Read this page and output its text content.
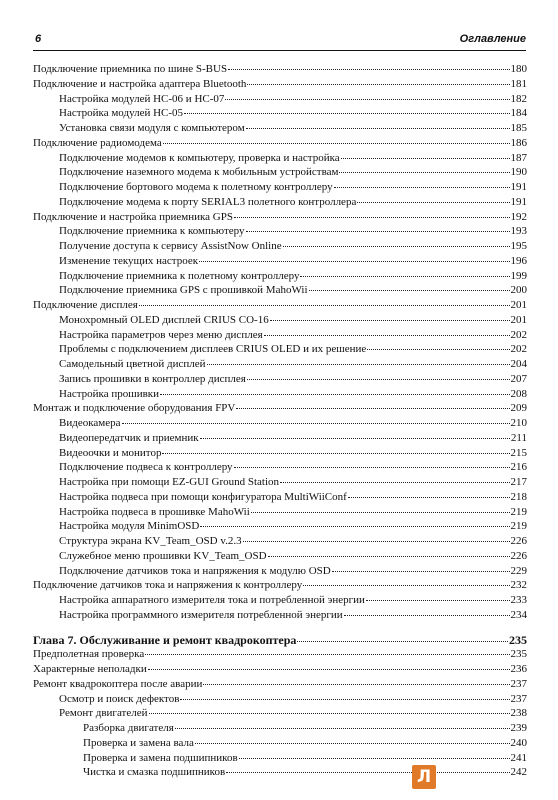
6	Оглавление
Подключение приемника по шине S-BUS	180
Подключение и настройка адаптера Bluetooth	181
Настройка модулей HC-06 и HC-07	182
Настройка модулей HC-05	184
Установка связи модуля с компьютером	185
Подключение радиомодема	186
Подключение модемов к компьютеру, проверка и настройка	187
Подключение наземного модема к мобильным устройствам	190
Подключение бортового модема к полетному контроллеру	191
Подключение модема к порту SERIAL3 полетного контроллера	191
Подключение и настройка приемника GPS	192
Подключение приемника к компьютеру	193
Получение доступа к сервису AssistNow Online	195
Изменение текущих настроек	196
Подключение приемника к полетному контроллеру	199
Подключение приемника GPS с прошивкой MahoWii	200
Подключение дисплея	201
Монохромный OLED дисплей CRIUS CO-16	201
Настройка параметров через меню дисплея	202
Проблемы с подключением дисплеев CRIUS OLED и их решение	202
Самодельный цветной дисплей	204
Запись прошивки в контроллер дисплея	207
Настройка прошивки	208
Монтаж и подключение оборудования FPV	209
Видеокамера	210
Видеопередатчик и приемник	211
Видеоочки и монитор	215
Подключение подвеса к контроллеру	216
Настройка при помощи EZ-GUI Ground Station	217
Настройка подвеса при помощи конфигуратора MultiWiiConf	218
Настройка подвеса в прошивке MahoWii	219
Настройка модуля MinimOSD	219
Структура экрана KV_Team_OSD v.2.3	226
Служебное меню прошивки KV_Team_OSD	226
Подключение датчиков тока и напряжения к модулю OSD	229
Подключение датчиков тока и напряжения к контроллеру	232
Настройка аппаратного измерителя тока и потребленной энергии	233
Настройка программного измерителя потребленной энергии	234
Глава 7. Обслуживание и ремонт квадрокоптера	235
Предполетная проверка	235
Характерные неполадки	236
Ремонт квадрокоптера после аварии	237
Осмотр и поиск дефектов	237
Ремонт двигателей	238
Разборка двигателя	239
Проверка и замена вала	240
Проверка и замена подшипников	241
Чистка и смазка подшипников	242
Л
